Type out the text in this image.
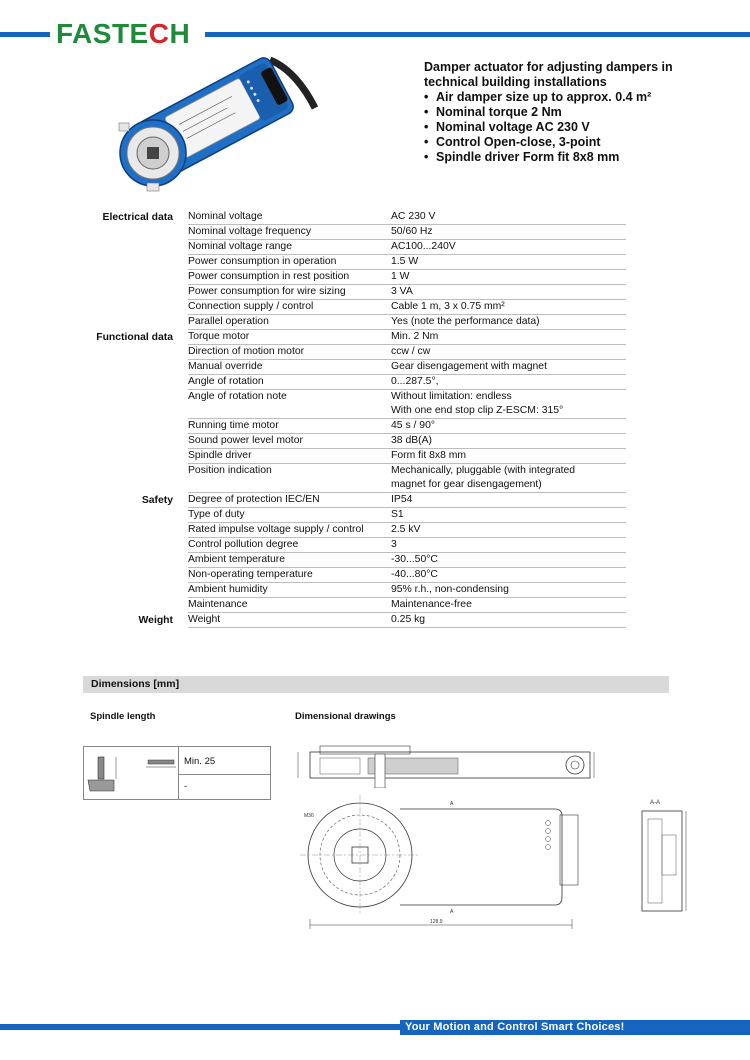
FASTECH
Damper actuator for adjusting dampers in technical building installations
• Air damper size up to approx. 0.4 m²
• Nominal torque 2 Nm
• Nominal voltage AC 230 V
• Control Open-close, 3-point
• Spindle driver Form fit 8x8 mm
Electrical data Nominal voltage	AC 230 V
Nominal voltage frequency	50/60 Hz
Nominal voltage range	AC100...240V
Power consumption in operation	1.5 W
Power consumption in rest position	1 W
Power consumption for wire sizing	3 VA
Connection supply / control	Cable 1 m, 3 x 0.75 mm²
Parallel operation	Yes (note the performance data)
Functional data Torque motor	Min. 2 Nm
Direction of motion motor	ccw / cw
Manual override	Gear disengagement with magnet
Angle of rotation	0...287.5°,
Angle of rotation note	Without limitation: endless
With one end stop clip Z-ESCM: 315°
Running time motor	45 s / 90°
Sound power level motor	38 dB(A)
Spindle driver	Form fit 8x8 mm
Position indication	Mechanically, pluggable (with integrated
magnet for gear disengagement)
Safety Degree of protection IEC/EN	IP54
Type of duty	S1
Rated impulse voltage supply / control	2.5 kV
Control pollution degree	3
Ambient temperature	-30...50°C
Non-operating temperature	-40...80°C
Ambient humidity	95% r.h., non-condensing
Maintenance	Maintenance-free
Weight Weight	0.25 kg
Dimensions [mm]
Spindle length	Dimensional drawings
Min. 25
-
128.9
A
A
M36
A-A
Your Motion and Control Smart Choices!
